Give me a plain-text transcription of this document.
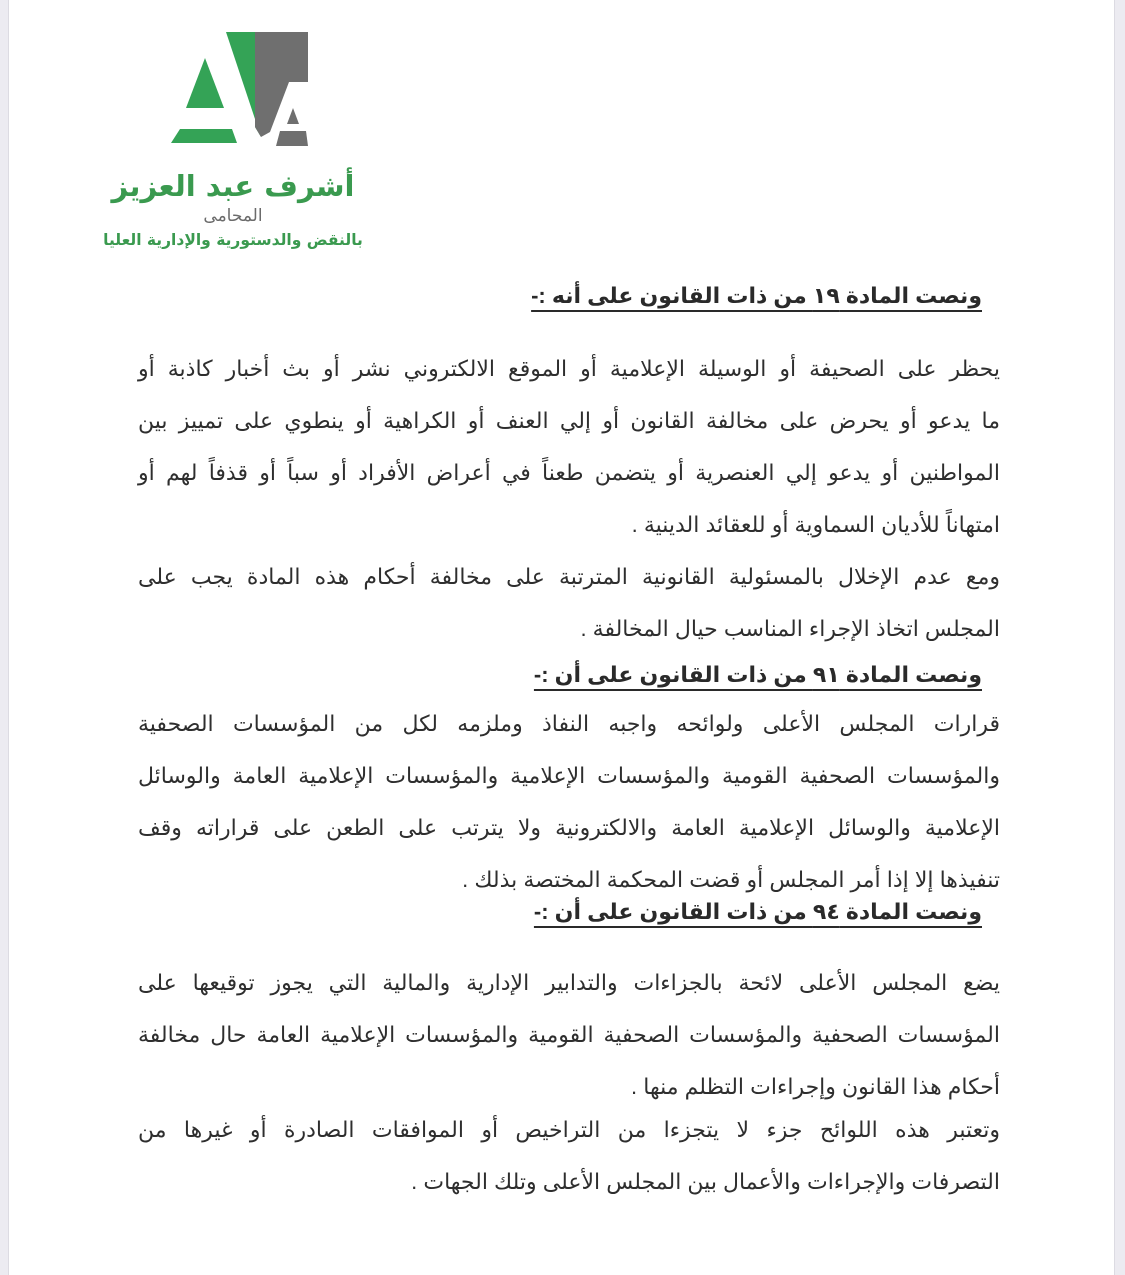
أشرف عبد العزيز
المحامى
بالنقض والدستورية والإدارية العليا
ونصت المادة ١٩ من ذات القانون على أنه :-
يحظر على الصحيفة أو الوسيلة الإعلامية أو الموقع الالكتروني نشر أو بث أخبار كاذبة أو
ما يدعو أو يحرض على مخالفة القانون أو إلي العنف أو الكراهية أو ينطوي على تمييز بين
المواطنين أو يدعو إلي العنصرية أو يتضمن طعناً في أعراض الأفراد أو سباً أو قذفاً لهم أو
امتهاناً للأديان السماوية أو للعقائد الدينية .
ومع عدم الإخلال بالمسئولية القانونية المترتبة على مخالفة أحكام هذه المادة يجب على
المجلس اتخاذ الإجراء المناسب حيال المخالفة .
ونصت المادة ٩١ من ذات القانون على أن :-
قرارات المجلس الأعلى ولوائحه واجبه النفاذ وملزمه لكل من المؤسسات الصحفية
والمؤسسات الصحفية القومية والمؤسسات الإعلامية والمؤسسات الإعلامية العامة والوسائل
الإعلامية والوسائل الإعلامية العامة والالكترونية ولا يترتب على الطعن على قراراته وقف
تنفيذها إلا إذا أمر المجلس أو قضت المحكمة المختصة بذلك .
ونصت المادة ٩٤ من ذات القانون على أن :-
يضع المجلس الأعلى لائحة بالجزاءات والتدابير الإدارية والمالية التي يجوز توقيعها على
المؤسسات الصحفية والمؤسسات الصحفية القومية والمؤسسات الإعلامية العامة حال مخالفة
أحكام هذا القانون وإجراءات التظلم منها .
وتعتبر هذه اللوائح جزء لا يتجزءا من التراخيص أو الموافقات الصادرة أو غيرها من
التصرفات والإجراءات والأعمال بين المجلس الأعلى وتلك الجهات .
